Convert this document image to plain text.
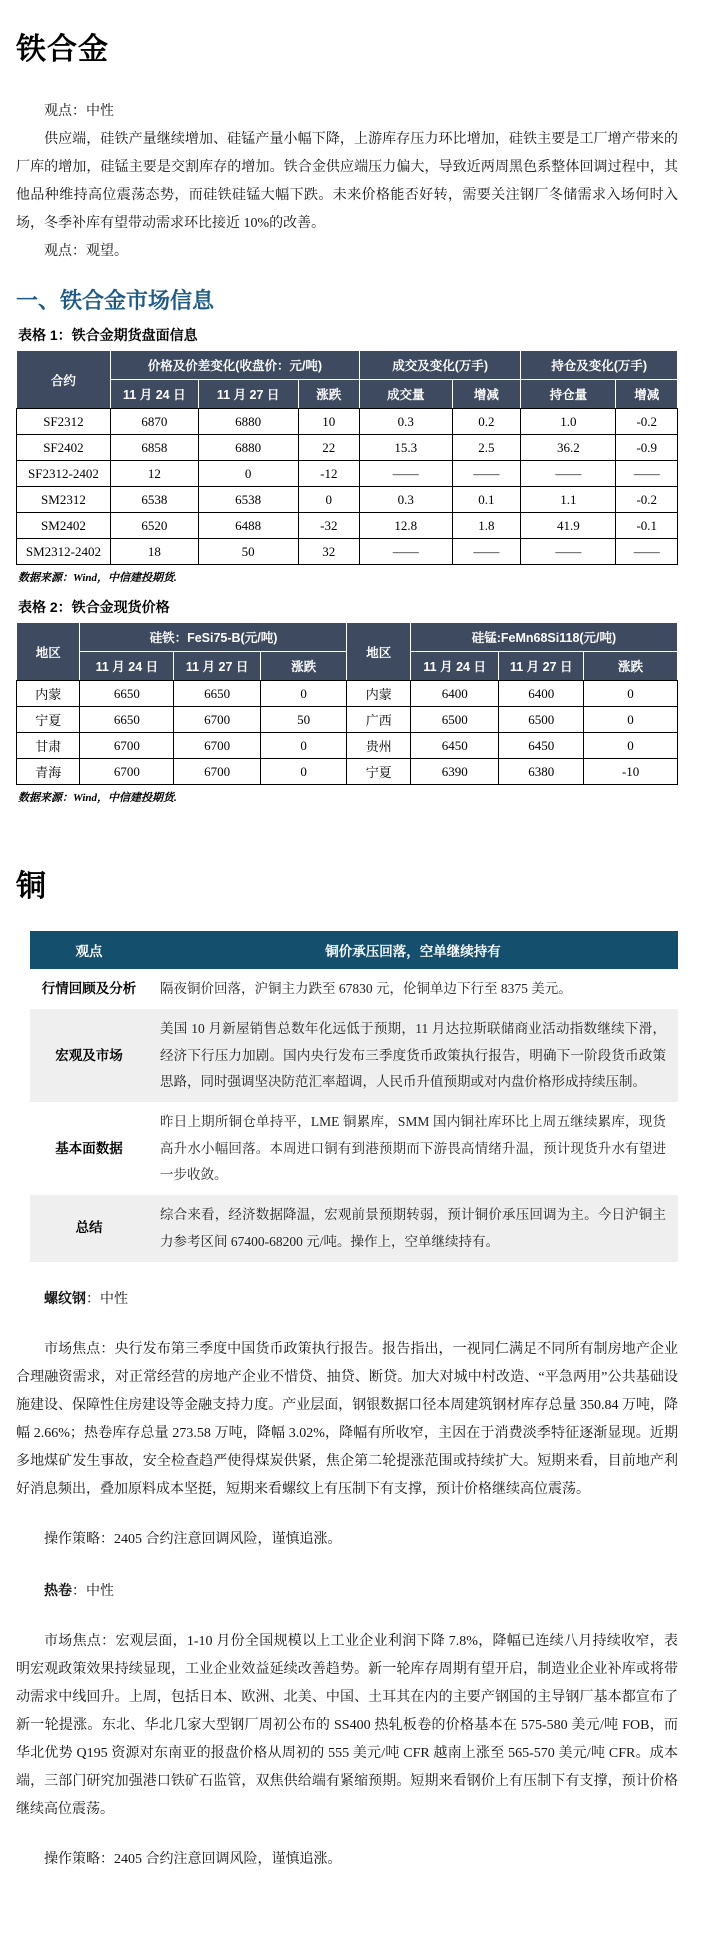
铁合金

观点：中性

供应端，硅铁产量继续增加、硅锰产量小幅下降，上游库存压力环比增加，硅铁主要是工厂增产带来的厂库的增加，硅锰主要是交割库存的增加。铁合金供应端压力偏大，导致近两周黑色系整体回调过程中，其他品种维持高位震荡态势，而硅铁硅锰大幅下跌。未来价格能否好转，需要关注钢厂冬储需求入场何时入场，冬季补库有望带动需求环比接近 10%的改善。

观点：观望。

一、铁合金市场信息

表格 1：铁合金期货盘面信息

合约	价格及价差变化(收盘价：元/吨)			成交及变化(万手)		持仓及变化(万手)	
	11 月 24 日	11 月 27 日	涨跌	成交量	增减	持仓量	增减
SF2312	6870	6880	10	0.3	0.2	1.0	-0.2
SF2402	6858	6880	22	15.3	2.5	36.2	-0.9
SF2312-2402	12	0	-12	——	——	——	——
SM2312	6538	6538	0	0.3	0.1	1.1	-0.2
SM2402	6520	6488	-32	12.8	1.8	41.9	-0.1
SM2312-2402	18	50	32	——	——	——	——

数据来源：Wind，中信建投期货.

表格 2：铁合金现货价格

地区	硅铁：FeSi75-B(元/吨)			地区	硅锰:FeMn68Si118(元/吨)		
	11 月 24 日	11 月 27 日	涨跌		11 月 24 日	11 月 27 日	涨跌
内蒙	6650	6650	0	内蒙	6400	6400	0
宁夏	6650	6700	50	广西	6500	6500	0
甘肃	6700	6700	0	贵州	6450	6450	0
青海	6700	6700	0	宁夏	6390	6380	-10

数据来源：Wind，中信建投期货.

铜
观点	铜价承压回落，空单继续持有
行情回顾及分析	隔夜铜价回落，沪铜主力跌至 67830 元，伦铜单边下行至 8375 美元。
宏观及市场	美国 10 月新屋销售总数年化远低于预期，11 月达拉斯联储商业活动指数继续下滑，经济下行压力加剧。国内央行发布三季度货币政策执行报告，明确下一阶段货币政策思路，同时强调坚决防范汇率超调，人民币升值预期或对内盘价格形成持续压制。
基本面数据	昨日上期所铜仓单持平，LME 铜累库，SMM 国内铜社库环比上周五继续累库，现货高升水小幅回落。本周进口铜有到港预期而下游畏高情绪升温，预计现货升水有望进一步收敛。
总结	综合来看，经济数据降温，宏观前景预期转弱，预计铜价承压回调为主。今日沪铜主力参考区间 67400-68200 元/吨。操作上，空单继续持有。

螺纹钢：中性

市场焦点：央行发布第三季度中国货币政策执行报告。报告指出，一视同仁满足不同所有制房地产企业合理融资需求，对正常经营的房地产企业不惜贷、抽贷、断贷。加大对城中村改造、“平急两用”公共基础设施建设、保障性住房建设等金融支持力度。产业层面，钢银数据口径本周建筑钢材库存总量 350.84 万吨，降幅 2.66%；热卷库存总量 273.58 万吨，降幅 3.02%，降幅有所收窄，主因在于消费淡季特征逐渐显现。近期多地煤矿发生事故，安全检查趋严使得煤炭供紧，焦企第二轮提涨范围或持续扩大。短期来看，目前地产利好消息频出，叠加原料成本坚挺，短期来看螺纹上有压制下有支撑，预计价格继续高位震荡。

操作策略：2405 合约注意回调风险，谨慎追涨。

热卷：中性

市场焦点：宏观层面，1-10 月份全国规模以上工业企业利润下降 7.8%，降幅已连续八月持续收窄，表明宏观政策效果持续显现，工业企业效益延续改善趋势。新一轮库存周期有望开启，制造业企业补库或将带动需求中线回升。上周，包括日本、欧洲、北美、中国、土耳其在内的主要产钢国的主导钢厂基本都宣布了新一轮提涨。东北、华北几家大型钢厂周初公布的 SS400 热轧板卷的价格基本在 575-580 美元/吨 FOB，而华北优势 Q195 资源对东南亚的报盘价格从周初的 555 美元/吨 CFR 越南上涨至 565-570 美元/吨 CFR。成本端，三部门研究加强港口铁矿石监管，双焦供给端有紧缩预期。短期来看钢价上有压制下有支撑，预计价格继续高位震荡。

操作策略：2405 合约注意回调风险，谨慎追涨。
